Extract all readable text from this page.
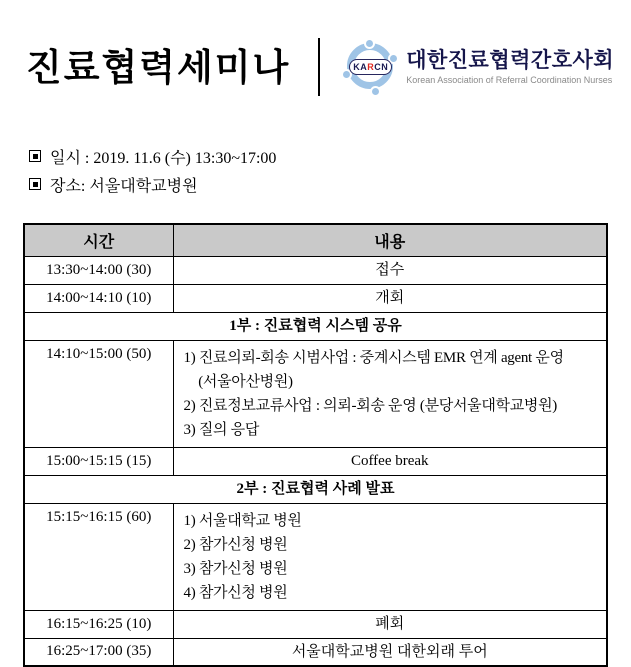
진료협력세미나	KA R CN 대한진료협력간호사회
Korean Association of Referral Coordination Nurses
일시 : 2019. 11.6 (수) 13:30~17:00
장소: 서울대학교병원
시간	내용
13:30~14:00 (30)	접수

14:00~14:10 (10)	개회

1부 : 진료협력 시스템 공유	
14:10~15:00 (50)	1) 진료의뢰-회송 시범사업 : 중계시스템 EMR 연계 agent 운영
　(서울아산병원)
2) 진료정보교류사업 : 의뢰-회송 운영 (분당서울대학교병원)
3) 질의 응답

15:00~15:15 (15)	Coffee break

2부 : 진료협력 사례 발표	
15:15~16:15 (60)	1) 서울대학교 병원
2) 참가신청 병원
3) 참가신청 병원
4) 참가신청 병원

16:15~16:25 (10)	폐회

16:25~17:00 (35)	서울대학교병원 대한외래 투어
